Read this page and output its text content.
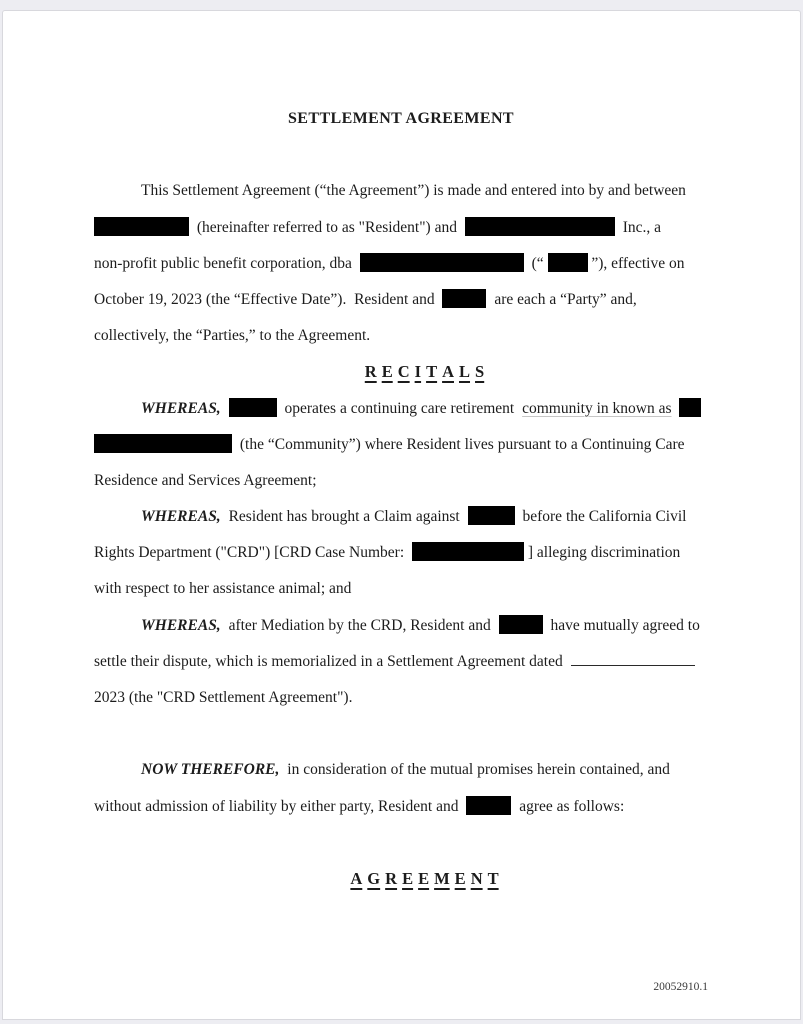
SETTLEMENT AGREEMENT
This Settlement Agreement (“the Agreement”) is made and entered into by and between
(hereinafter referred to as "Resident") and	Inc., a
non-profit public benefit corporation, dba	(“	”), effective on
October 19, 2023 (the “Effective Date”).  Resident and	are each a “Party” and,
collectively, the “Parties,” to the Agreement.
R E C I T A L S
WHEREAS,	operates a continuing care retirement community in known as
(the “Community”) where Resident lives pursuant to a Continuing Care
Residence and Services Agreement;
WHEREAS, Resident has brought a Claim against	before the California Civil
Rights Department ("CRD") [CRD Case Number:	] alleging discrimination
with respect to her assistance animal; and
WHEREAS, after Mediation by the CRD, Resident and	have mutually agreed to
settle their dispute, which is memorialized in a Settlement Agreement dated
2023 (the "CRD Settlement Agreement").
NOW THEREFORE, in consideration of the mutual promises herein contained, and
without admission of liability by either party, Resident and	agree as follows:
A G R E E M E N T
20052910.1
